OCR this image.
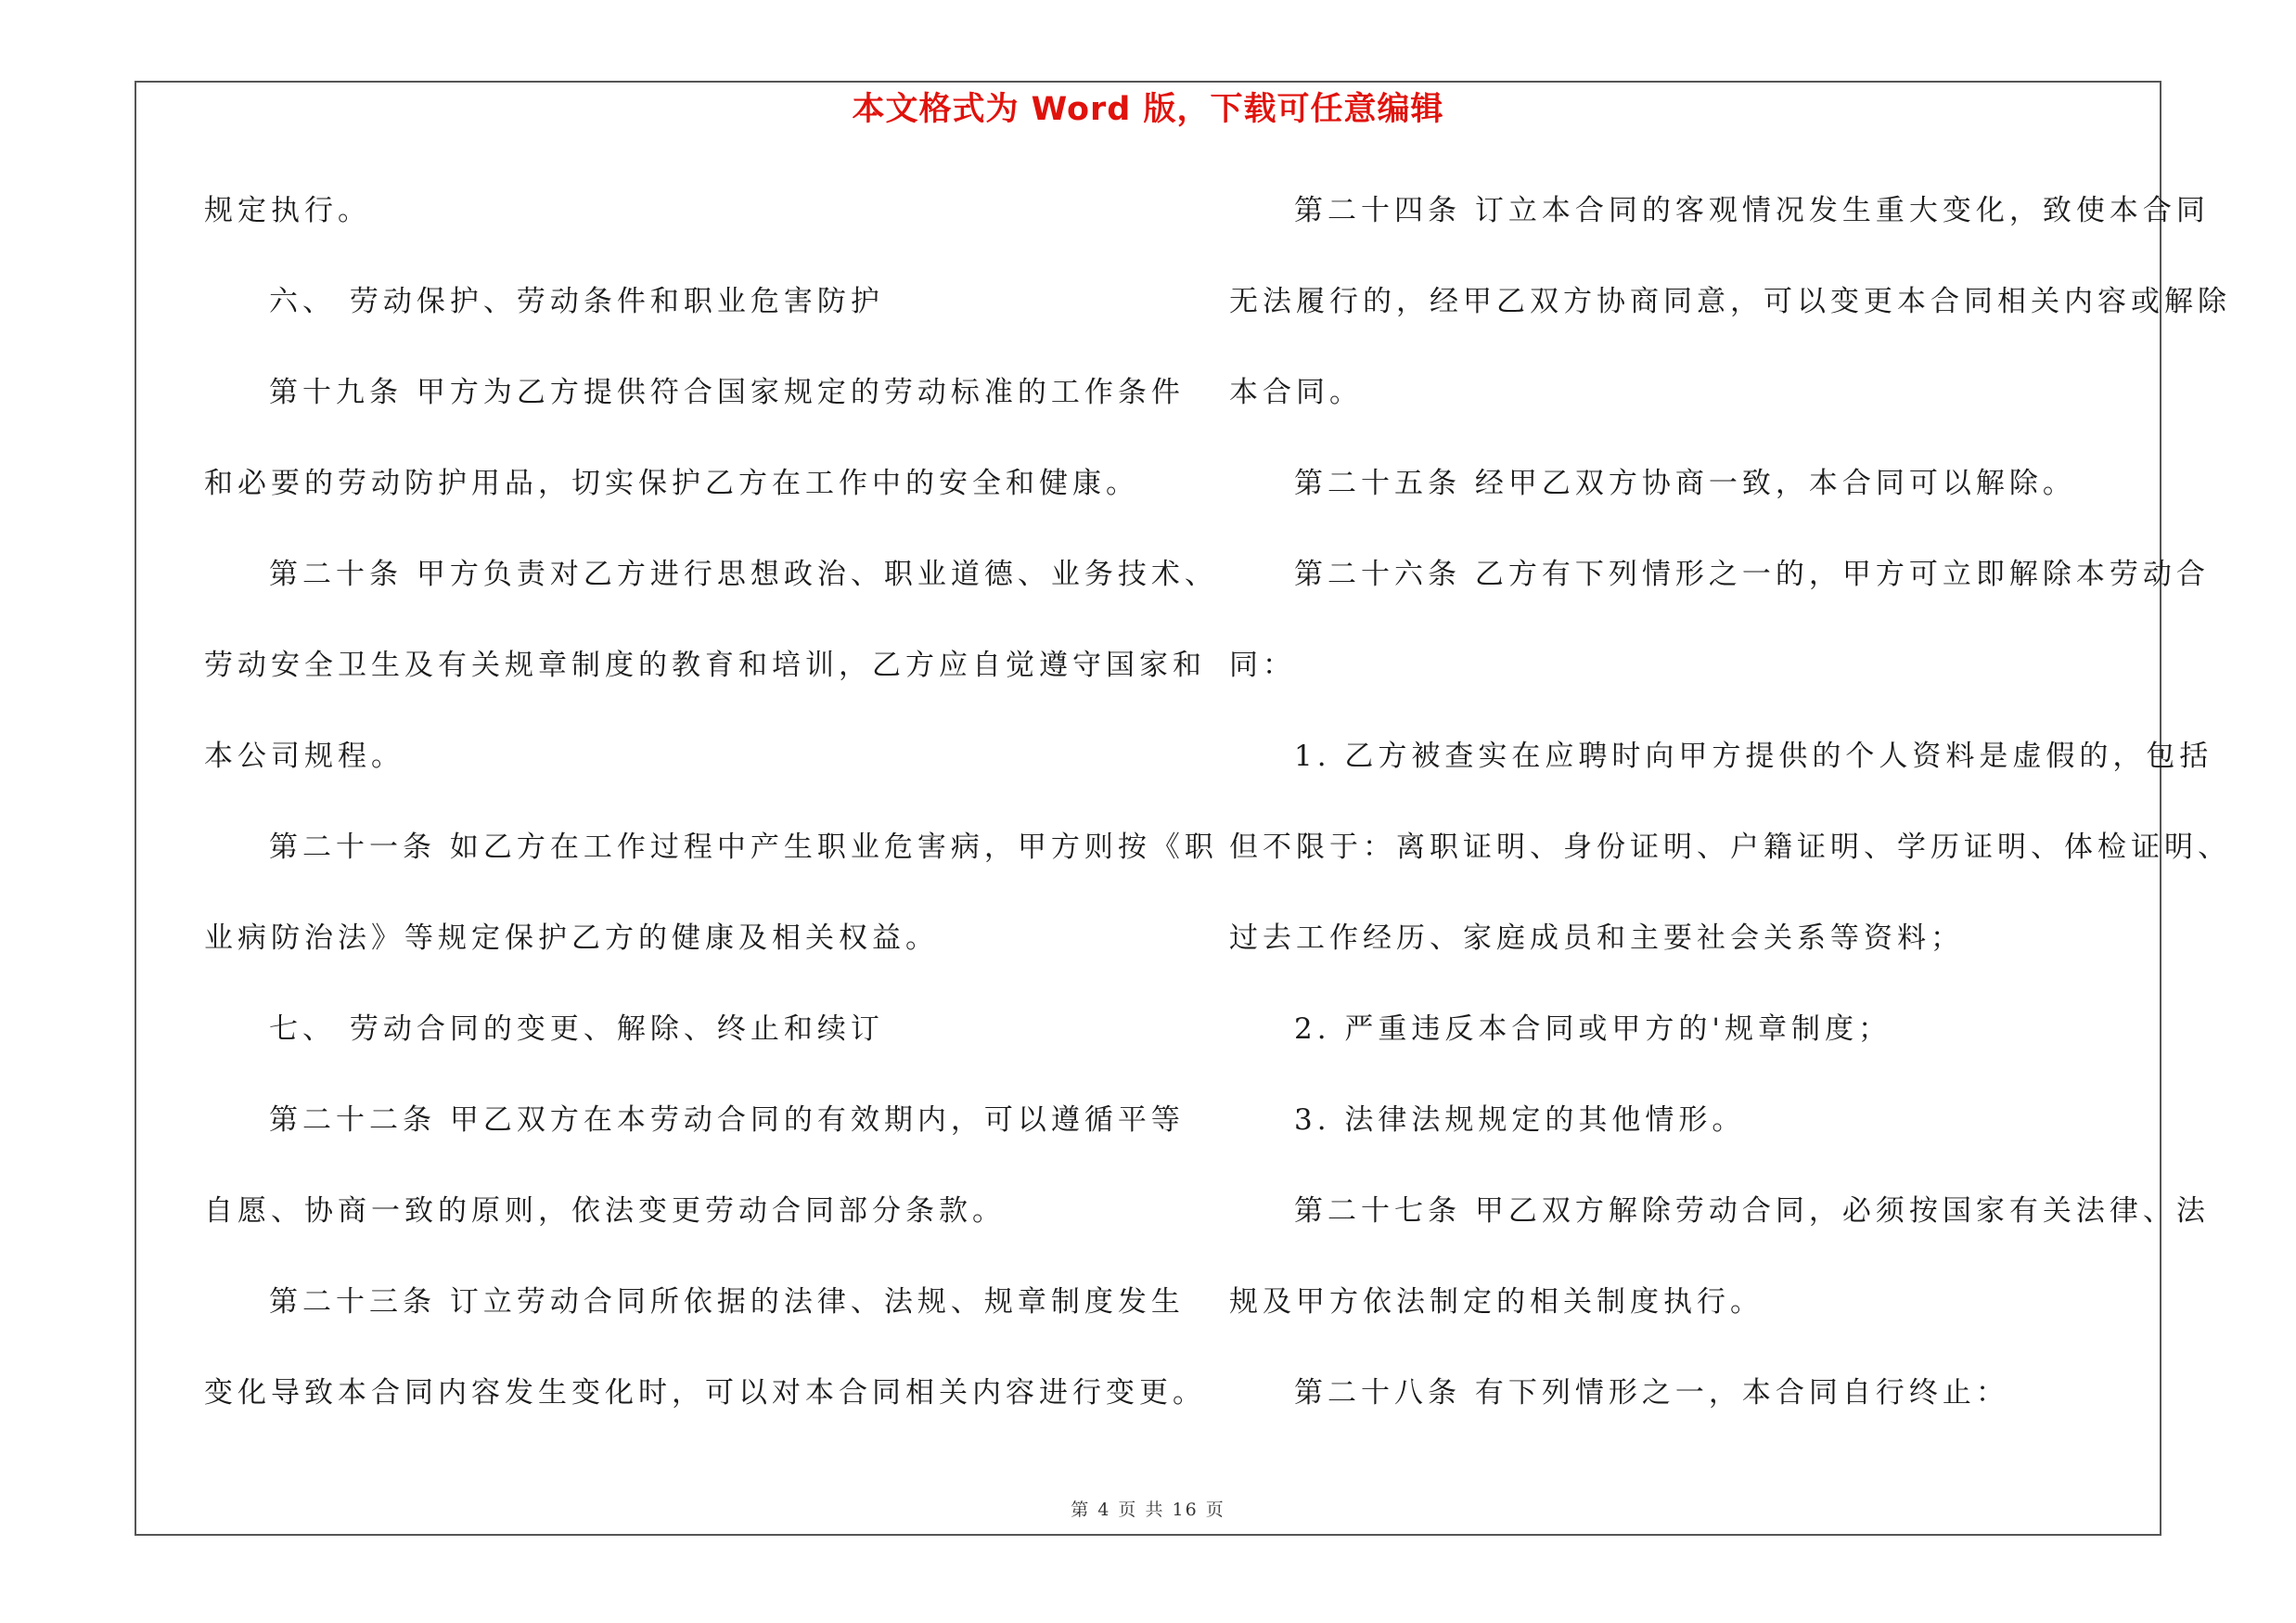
本文格式为 Word 版，下载可任意编辑
规定执行。
六、 劳动保护、劳动条件和职业危害防护
第十九条 甲方为乙方提供符合国家规定的劳动标准的工作条件
和必要的劳动防护用品，切实保护乙方在工作中的安全和健康。
第二十条 甲方负责对乙方进行思想政治、职业道德、业务技术、
劳动安全卫生及有关规章制度的教育和培训，乙方应自觉遵守国家和
本公司规程。
第二十一条 如乙方在工作过程中产生职业危害病，甲方则按《职
业病防治法》等规定保护乙方的健康及相关权益。
七、 劳动合同的变更、解除、终止和续订
第二十二条 甲乙双方在本劳动合同的有效期内，可以遵循平等
自愿、协商一致的原则，依法变更劳动合同部分条款。
第二十三条 订立劳动合同所依据的法律、法规、规章制度发生
变化导致本合同内容发生变化时，可以对本合同相关内容进行变更。
第二十四条 订立本合同的客观情况发生重大变化，致使本合同
无法履行的，经甲乙双方协商同意，可以变更本合同相关内容或解除
本合同。
第二十五条 经甲乙双方协商一致，本合同可以解除。
第二十六条 乙方有下列情形之一的，甲方可立即解除本劳动合
同：
1. 乙方被查实在应聘时向甲方提供的个人资料是虚假的，包括
但不限于：离职证明、身份证明、户籍证明、学历证明、体检证明、
过去工作经历、家庭成员和主要社会关系等资料；
2. 严重违反本合同或甲方的'规章制度；
3. 法律法规规定的其他情形。
第二十七条 甲乙双方解除劳动合同，必须按国家有关法律、法
规及甲方依法制定的相关制度执行。
第二十八条 有下列情形之一，本合同自行终止：
第 4 页 共 16 页
